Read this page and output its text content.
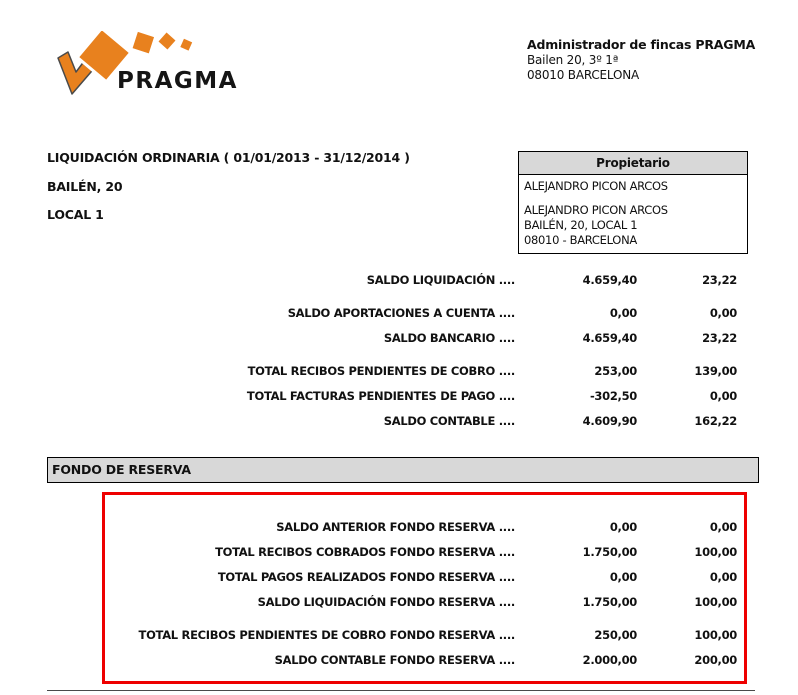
PRAGMA
Administrador de fincas PRAGMA
Bailen 20, 3º 1ª
08010 BARCELONA
LIQUIDACIÓN ORDINARIA ( 01/01/2013 - 31/12/2014 )
BAILÉN, 20
LOCAL 1
Propietario
ALEJANDRO PICON ARCOS
ALEJANDRO PICON ARCOS
BAILÉN, 20, LOCAL 1
08010 - BARCELONA
SALDO LIQUIDACIÓN ....	4.659,40	23,22
SALDO APORTACIONES A CUENTA ....	0,00	0,00
SALDO BANCARIO ....	4.659,40	23,22
TOTAL RECIBOS PENDIENTES DE COBRO ....	253,00	139,00
TOTAL FACTURAS PENDIENTES DE PAGO ....	-302,50	0,00
SALDO CONTABLE ....	4.609,90	162,22
FONDO DE RESERVA
SALDO ANTERIOR FONDO RESERVA ....	0,00	0,00
TOTAL RECIBOS COBRADOS FONDO RESERVA ....	1.750,00	100,00
TOTAL PAGOS REALIZADOS FONDO RESERVA ....	0,00	0,00
SALDO LIQUIDACIÓN FONDO RESERVA ....	1.750,00	100,00
TOTAL RECIBOS PENDIENTES DE COBRO FONDO RESERVA ....	250,00	100,00
SALDO CONTABLE FONDO RESERVA ....	2.000,00	200,00
